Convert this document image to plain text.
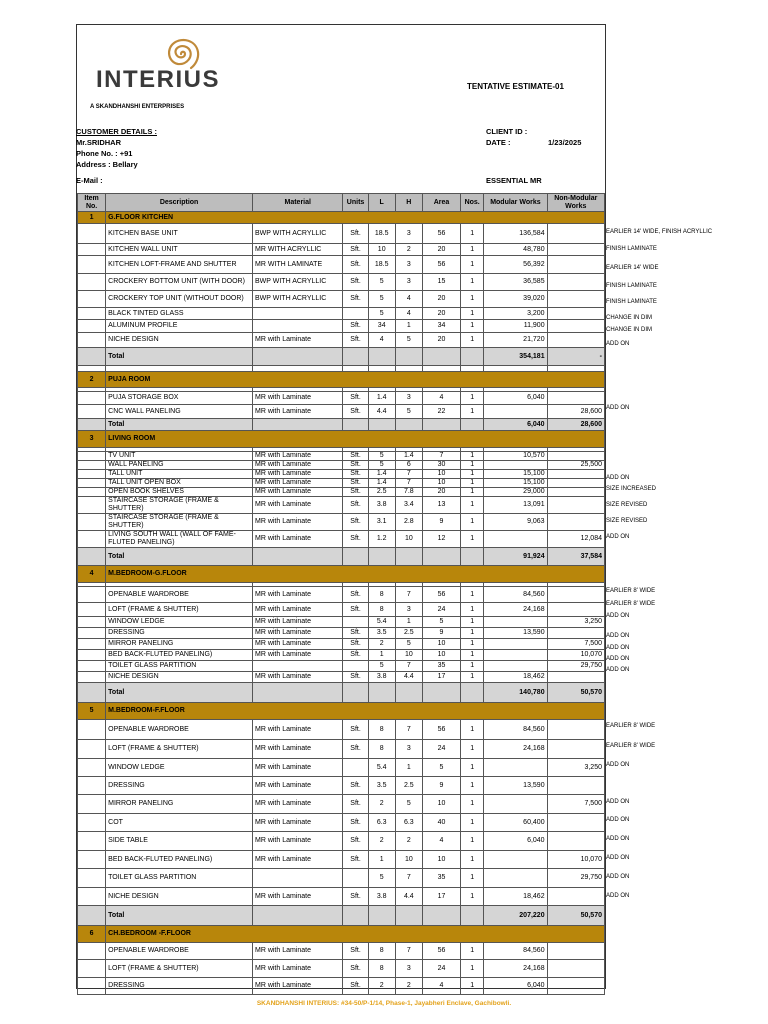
INTERIUS
A SKANDHANSHI ENTERPRISES
TENTATIVE ESTIMATE-01
CUSTOMER DETAILS :
Mr.SRIDHAR
Phone No. : +91
Address : Bellary
E-Mail :
CLIENT ID :
DATE :	1/23/2025
ESSENTIAL MR
Item No.	Description	Material	Units	L	H	Area	Nos.	Modular Works	Non-Modular Works
1	G.FLOOR KITCHEN								
	KITCHEN BASE UNIT	BWP WITH ACRYLLIC	Sft.	18.5	3	56	1	136,584	
	KITCHEN WALL UNIT	MR WITH ACRYLLIC	Sft.	10	2	20	1	48,780	
	KITCHEN LOFT-FRAME AND SHUTTER	MR WITH LAMINATE	Sft.	18.5	3	56	1	56,392	
	CROCKERY BOTTOM UNIT (WITH DOOR)	BWP WITH ACRYLLIC	Sft.	5	3	15	1	36,585	
	CROCKERY TOP UNIT (WITHOUT DOOR)	BWP WITH ACRYLLIC	Sft.	5	4	20	1	39,020	
	BLACK TINTED GLASS			5	4	20	1	3,200	
	ALUMINUM PROFILE		Sft.	34	1	34	1	11,900	
	NICHE DESIGN	MR with Laminate	Sft.	4	5	20	1	21,720	
	Total							354,181	-

2	PUJA ROOM								

	PUJA STORAGE BOX	MR with Laminate	Sft.	1.4	3	4	1	6,040	
	CNC WALL PANELING	MR with Laminate	Sft.	4.4	5	22	1		28,600
	Total							6,040	28,600
3	LIVING ROOM								

	TV UNIT	MR with Laminate	Sft.	5	1.4	7	1	10,570	
	WALL PANELING	MR with Laminate	Sft.	5	6	30	1		25,500
	TALL UNIT	MR with Laminate	Sft.	1.4	7	10	1	15,100	
	TALL UNIT OPEN BOX	MR with Laminate	Sft.	1.4	7	10	1	15,100	
	OPEN BOOK SHELVES	MR with Laminate	Sft.	2.5	7.8	20	1	29,000	
	STAIRCASE STORAGE (FRAME & SHUTTER)	MR with Laminate	Sft.	3.8	3.4	13	1	13,091	
	STAIRCASE STORAGE (FRAME & SHUTTER)	MR with Laminate	Sft.	3.1	2.8	9	1	9,063	
	LIVING SOUTH WALL (WALL OF FAME-FLUTED PANELING)	MR with Laminate	Sft.	1.2	10	12	1		12,084
	Total							91,924	37,584
4	M.BEDROOM-G.FLOOR								

	OPENABLE WARDROBE	MR with Laminate	Sft.	8	7	56	1	84,560	
	LOFT (FRAME & SHUTTER)	MR with Laminate	Sft.	8	3	24	1	24,168	
	WINDOW LEDGE	MR with Laminate		5.4	1	5	1		3,250
	DRESSING	MR with Laminate	Sft.	3.5	2.5	9	1	13,590	
	MIRROR PANELING	MR with Laminate	Sft.	2	5	10	1		7,500
	BED BACK-FLUTED PANELING)	MR with Laminate	Sft.	1	10	10	1		10,070
	TOILET GLASS PARTITION			5	7	35	1		29,750
	NICHE DESIGN	MR with Laminate	Sft.	3.8	4.4	17	1	18,462	
	Total							140,780	50,570
5	M.BEDROOM-F.FLOOR								
	OPENABLE WARDROBE	MR with Laminate	Sft.	8	7	56	1	84,560	
	LOFT (FRAME & SHUTTER)	MR with Laminate	Sft.	8	3	24	1	24,168	
	WINDOW LEDGE	MR with Laminate		5.4	1	5	1		3,250
	DRESSING	MR with Laminate	Sft.	3.5	2.5	9	1	13,590	
	MIRROR PANELING	MR with Laminate	Sft.	2	5	10	1		7,500
	COT	MR with Laminate	Sft.	6.3	6.3	40	1	60,400	
	SIDE TABLE	MR with Laminate	Sft.	2	2	4	1	6,040	
	BED BACK-FLUTED PANELING)	MR with Laminate	Sft.	1	10	10	1		10,070
	TOILET GLASS PARTITION			5	7	35	1		29,750
	NICHE DESIGN	MR with Laminate	Sft.	3.8	4.4	17	1	18,462	
	Total							207,220	50,570
6	CH.BEDROOM -F.FLOOR								
	OPENABLE WARDROBE	MR with Laminate	Sft.	8	7	56	1	84,560	
	LOFT (FRAME & SHUTTER)	MR with Laminate	Sft.	8	3	24	1	24,168	
	DRESSING	MR with Laminate	Sft.	2	2	4	1	6,040	
EARLIER 14' WIDE, FINISH ACRYLLIC
FINISH LAMINATE
EARLIER 14' WIDE
FINISH LAMINATE
FINISH LAMINATE
CHANGE IN DIM
CHANGE IN DIM
ADD ON
ADD ON
ADD ON
SIZE INCREASED
SIZE REVISED
SIZE REVISED
ADD ON
EARLIER 8' WIDE
EARLIER 8' WIDE
ADD ON
ADD ON
ADD ON
ADD ON
ADD ON
EARLIER 8' WIDE
EARLIER 8' WIDE
ADD ON
ADD ON
ADD ON
ADD ON
ADD ON
ADD ON
ADD ON
SKANDHANSHI INTERIUS: #34-50/P-1/14, Phase-1, Jayabheri Enclave, Gachibowli.
